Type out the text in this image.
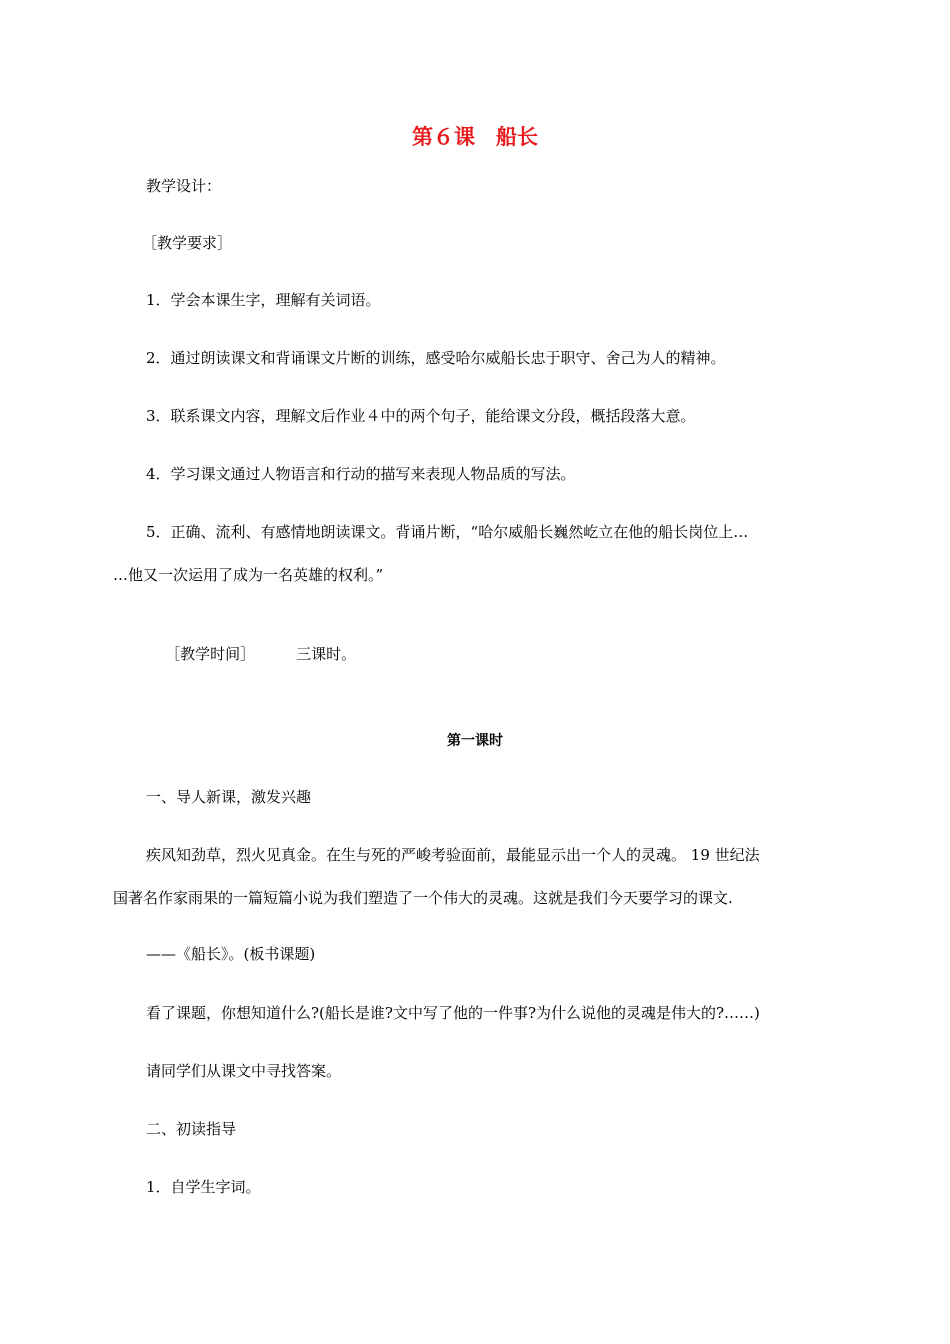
第６课　船长
教学设计：
［教学要求］
1．学会本课生字，理解有关词语。
2．通过朗读课文和背诵课文片断的训练，感受哈尔威船长忠于职守、舍己为人的精神。
3．联系课文内容，理解文后作业４中的两个句子，能给课文分段，概括段落大意。
4．学习课文通过人物语言和行动的描写来表现人物品质的写法。
5．正确、流利、有感情地朗读课文。背诵片断，“哈尔威船长巍然屹立在他的船长岗位上…
…他又一次运用了成为一名英雄的权利。”

［教学时间］	三课时。

第一课时
一、导人新课，激发兴趣
疾风知劲草，烈火见真金。在生与死的严峻考验面前，最能显示出一个人的灵魂。 19 世纪法
国著名作家雨果的一篇短篇小说为我们塑造了一个伟大的灵魂。这就是我们今天要学习的课文.
——《船长》。(板书课题)
看了课题，你想知道什么?(船长是谁?文中写了他的一件事?为什么说他的灵魂是伟大的?……)
请同学们从课文中寻找答案。
二、初读指导
1．自学生字词。
